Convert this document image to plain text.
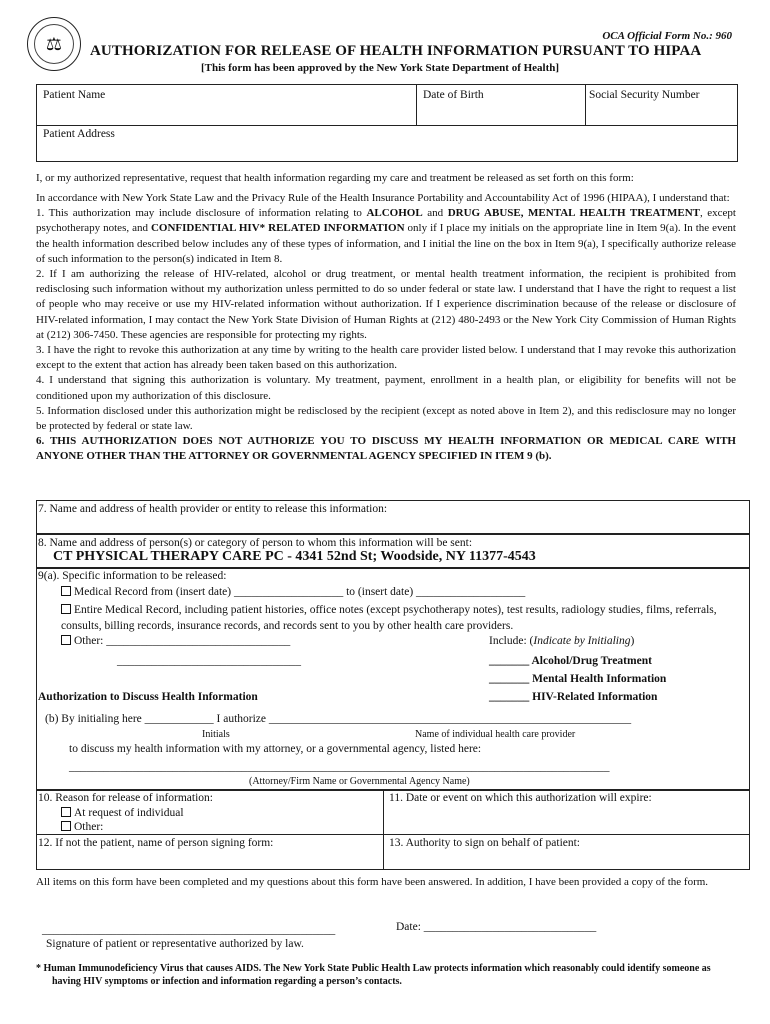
⚖	OCA Official Form No.: 960
AUTHORIZATION FOR RELEASE OF HEALTH INFORMATION PURSUANT TO HIPAA
[This form has been approved by the New York State Department of Health]
Patient Name	Date of Birth	Social Security Number
Patient Address
I, or my authorized representative, request that health information regarding my care and treatment be released as set forth on this form:

In accordance with New York State Law and the Privacy Rule of the Health Insurance Portability and Accountability Act of 1996 (HIPAA), I understand that:

1. This authorization may include disclosure of information relating to ALCOHOL and DRUG ABUSE, MENTAL HEALTH TREATMENT, except psychotherapy notes, and CONFIDENTIAL HIV* RELATED INFORMATION only if I place my initials on the appropriate line in Item 9(a). In the event the health information described below includes any of these types of information, and I initial the line on the box in Item 9(a), I specifically authorize release of such information to the person(s) indicated in Item 8.

2. If I am authorizing the release of HIV-related, alcohol or drug treatment, or mental health treatment information, the recipient is prohibited from redisclosing such information without my authorization unless permitted to do so under federal or state law. I understand that I have the right to request a list of people who may receive or use my HIV-related information without authorization. If I experience discrimination because of the release or disclosure of HIV-related information, I may contact the New York State Division of Human Rights at (212) 480-2493 or the New York City Commission of Human Rights at (212) 306-7450. These agencies are responsible for protecting my rights.

3. I have the right to revoke this authorization at any time by writing to the health care provider listed below. I understand that I may revoke this authorization except to the extent that action has already been taken based on this authorization.

4. I understand that signing this authorization is voluntary. My treatment, payment, enrollment in a health plan, or eligibility for benefits will not be conditioned upon my authorization of this disclosure.

5. Information disclosed under this authorization might be redisclosed by the recipient (except as noted above in Item 2), and this redisclosure may no longer be protected by federal or state law.

6. THIS AUTHORIZATION DOES NOT AUTHORIZE YOU TO DISCUSS MY HEALTH INFORMATION OR MEDICAL CARE WITH ANYONE OTHER THAN THE ATTORNEY OR GOVERNMENTAL AGENCY SPECIFIED IN ITEM 9 (b).

7. Name and address of health provider or entity to release this information:
8. Name and address of person(s) or category of person to whom this information will be sent:
CT PHYSICAL THERAPY CARE PC - 4341 52nd St; Woodside, NY 11377-4543
9(a). Specific information to be released:
Medical Record from (insert date) ___________________ to (insert date) ___________________
Entire Medical Record, including patient histories, office notes (except psychotherapy notes), test results, radiology studies, films, referrals, consults, billing records, insurance records, and records sent to you by other health care providers.
Other: ________________________________
________________________________
Include: (Indicate by Initialing)
_______ Alcohol/Drug Treatment
_______ Mental Health Information
_______ HIV-Related Information
Authorization to Discuss Health Information
(b) By initialing here ____________ I authorize _______________________________________________________________
Initials	Name of individual health care provider
to discuss my health information with my attorney, or a governmental agency, listed here:
______________________________________________________________________________________________
(Attorney/Firm Name or Governmental Agency Name)
10. Reason for release of information:
At request of individual
Other:
11. Date or event on which this authorization will expire:
12. If not the patient, name of person signing form:	13. Authority to sign on behalf of patient:
All items on this form have been completed and my questions about this form have been answered. In addition, I have been provided a copy of the form.
___________________________________________________	Date: ______________________________
Signature of patient or representative authorized by law.
* Human Immunodeficiency Virus that causes AIDS. The New York State Public Health Law protects information which reasonably could identify someone as having HIV symptoms or infection and information regarding a person’s contacts.
